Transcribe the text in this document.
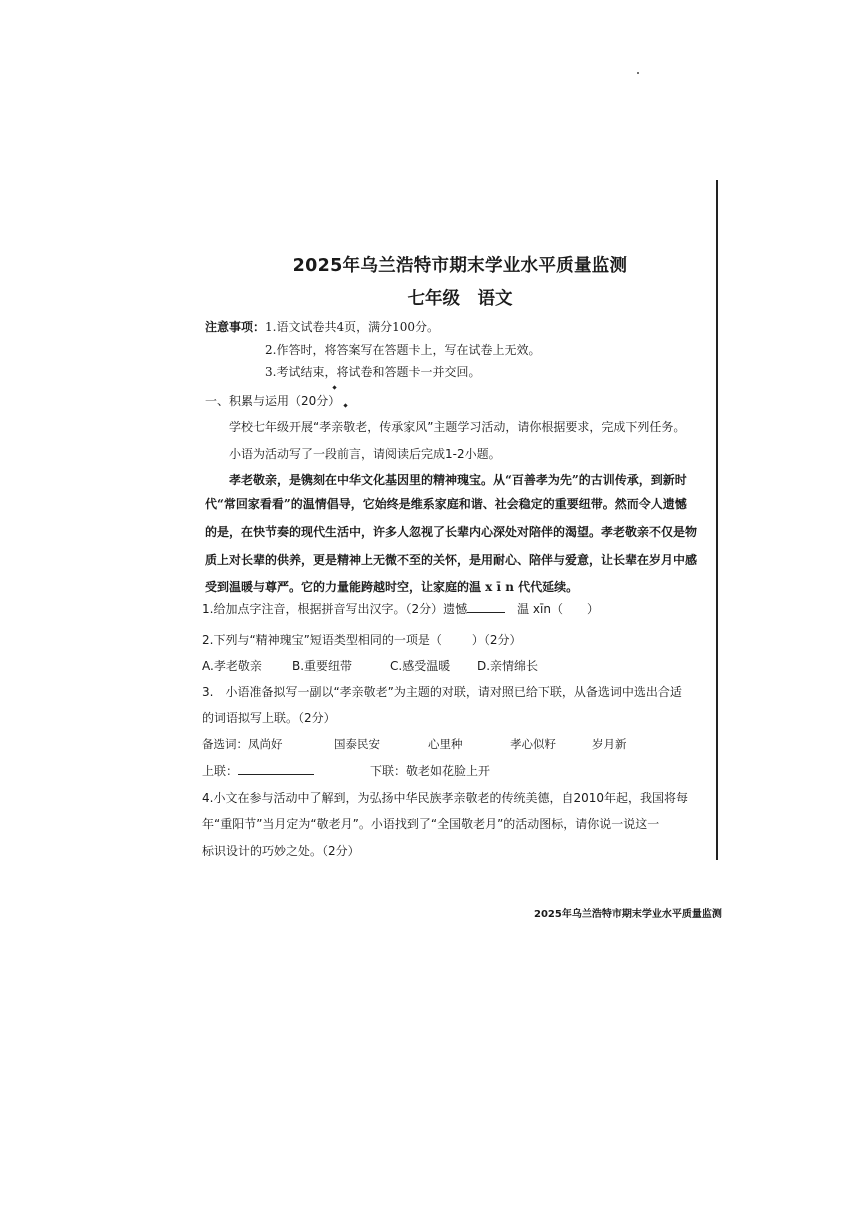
2025年乌兰浩特市期末学业水平质量监测
七年级　语文
注意事项：1.语文试卷共4页，满分100分。
2.作答时，将答案写在答题卡上，写在试卷上无效。
3.考试结束，将试卷和答题卡一并交回。
一、积累与运用（20分）
学校七年级开展“孝亲敬老，传承家风”主题学习活动，请你根据要求，完成下列任务。
小语为活动写了一段前言，请阅读后完成1-2小题。
孝老敬亲，是镌刻在中华文化基因里的精神瑰宝。从“百善孝为先”的古训传承，到新时
代“常回家看看”的温情倡导，它始终是维系家庭和谐、社会稳定的重要纽带。然而令人遗憾
的是，在快节奏的现代生活中，许多人忽视了长辈内心深处对陪伴的渴望。孝老敬亲不仅是物
质上对长辈的供养，更是精神上无微不至的关怀，是用耐心、陪伴与爱意，让长辈在岁月中感
受到温暖与尊严。它的力量能跨越时空，让家庭的温 x ī n 代代延续。
1.给加点字注音，根据拼音写出汉字。（2分）遗憾	温 xīn（ ）
2.下列与“精神瑰宝”短语类型相同的一项是（	）（2分）
A.孝老敬亲	B.重要纽带	C.感受温暖 D.亲情绵长
3.　小语准备拟写一副以“孝亲敬老”为主题的对联，请对照已给下联，从备选词中选出合适
的词语拟写上联。（2分）
备选词：凤尚好	国泰民安	心里种	孝心似籽	岁月新
上联：	下联：敬老如花脸上开
4.小文在参与活动中了解到，为弘扬中华民族孝亲敬老的传统美德，自2010年起，我国将每
年“重阳节”当月定为“敬老月”。小语找到了“全国敬老月”的活动图标，请你说一说这一
标识设计的巧妙之处。（2分）
2025年乌兰浩特市期末学业水平质量监测
